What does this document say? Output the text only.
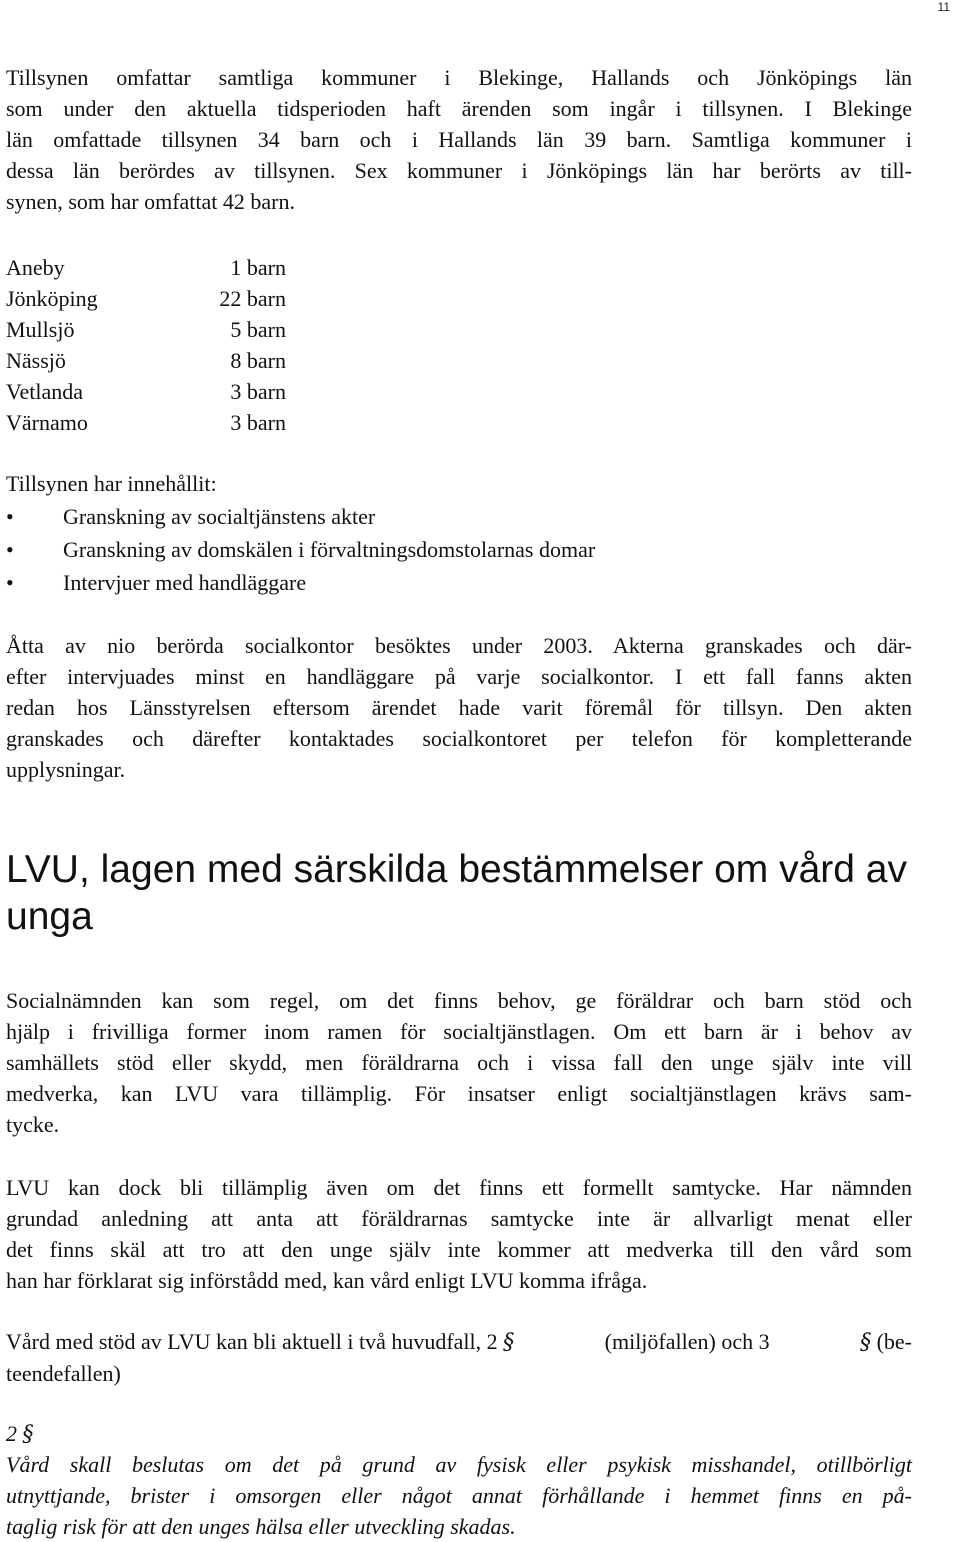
11
Tillsynen omfattar samtliga kommuner i Blekinge, Hallands och Jönköpings län
som under den aktuella tidsperioden haft ärenden som ingår i tillsynen. I Blekinge
län omfattade tillsynen 34 barn och i Hallands län 39 barn. Samtliga kommuner i
dessa län berördes av tillsynen. Sex kommuner i Jönköpings län har berörts av till-
synen, som har omfattat 42 barn.
Aneby	1 barn
Jönköping	22 barn
Mullsjö	5 barn
Nässjö	8 barn
Vetlanda	3 barn
Värnamo	3 barn
Tillsynen har innehållit:
•	Granskning av socialtjänstens akter
•	Granskning av domskälen i förvaltningsdomstolarnas domar
•	Intervjuer med handläggare
Åtta av nio berörda socialkontor besöktes under 2003. Akterna granskades och där-
efter intervjuades minst en handläggare på varje socialkontor. I ett fall fanns akten
redan hos Länsstyrelsen eftersom ärendet hade varit föremål för tillsyn. Den akten
granskades och därefter kontaktades socialkontoret per telefon för kompletterande
upplysningar.
LVU, lagen med särskilda bestämmelser om vård av
unga
Socialnämnden kan som regel, om det finns behov, ge föräldrar och barn stöd och
hjälp i frivilliga former inom ramen för socialtjänstlagen. Om ett barn är i behov av
samhällets stöd eller skydd, men föräldrarna och i vissa fall den unge själv inte vill
medverka, kan LVU vara tillämplig. För insatser enligt socialtjänstlagen krävs sam-
tycke.
LVU kan dock bli tillämplig även om det finns ett formellt samtycke. Har nämnden
grundad anledning att anta att föräldrarnas samtycke inte är allvarligt menat eller
det finns skäl att tro att den unge själv inte kommer att medverka till den vård som
han har förklarat sig införstådd med, kan vård enligt LVU komma ifråga.
Vård med stöd av LVU kan bli aktuell i två huvudfall, 2 §	(miljöfallen) och 3	§ (be-
teendefallen)
2 §
Vård skall beslutas om det på grund av fysisk eller psykisk misshandel, otillbörligt
utnyttjande, brister i omsorgen eller något annat förhållande i hemmet finns en på-
taglig risk för att den unges hälsa eller utveckling skadas.
